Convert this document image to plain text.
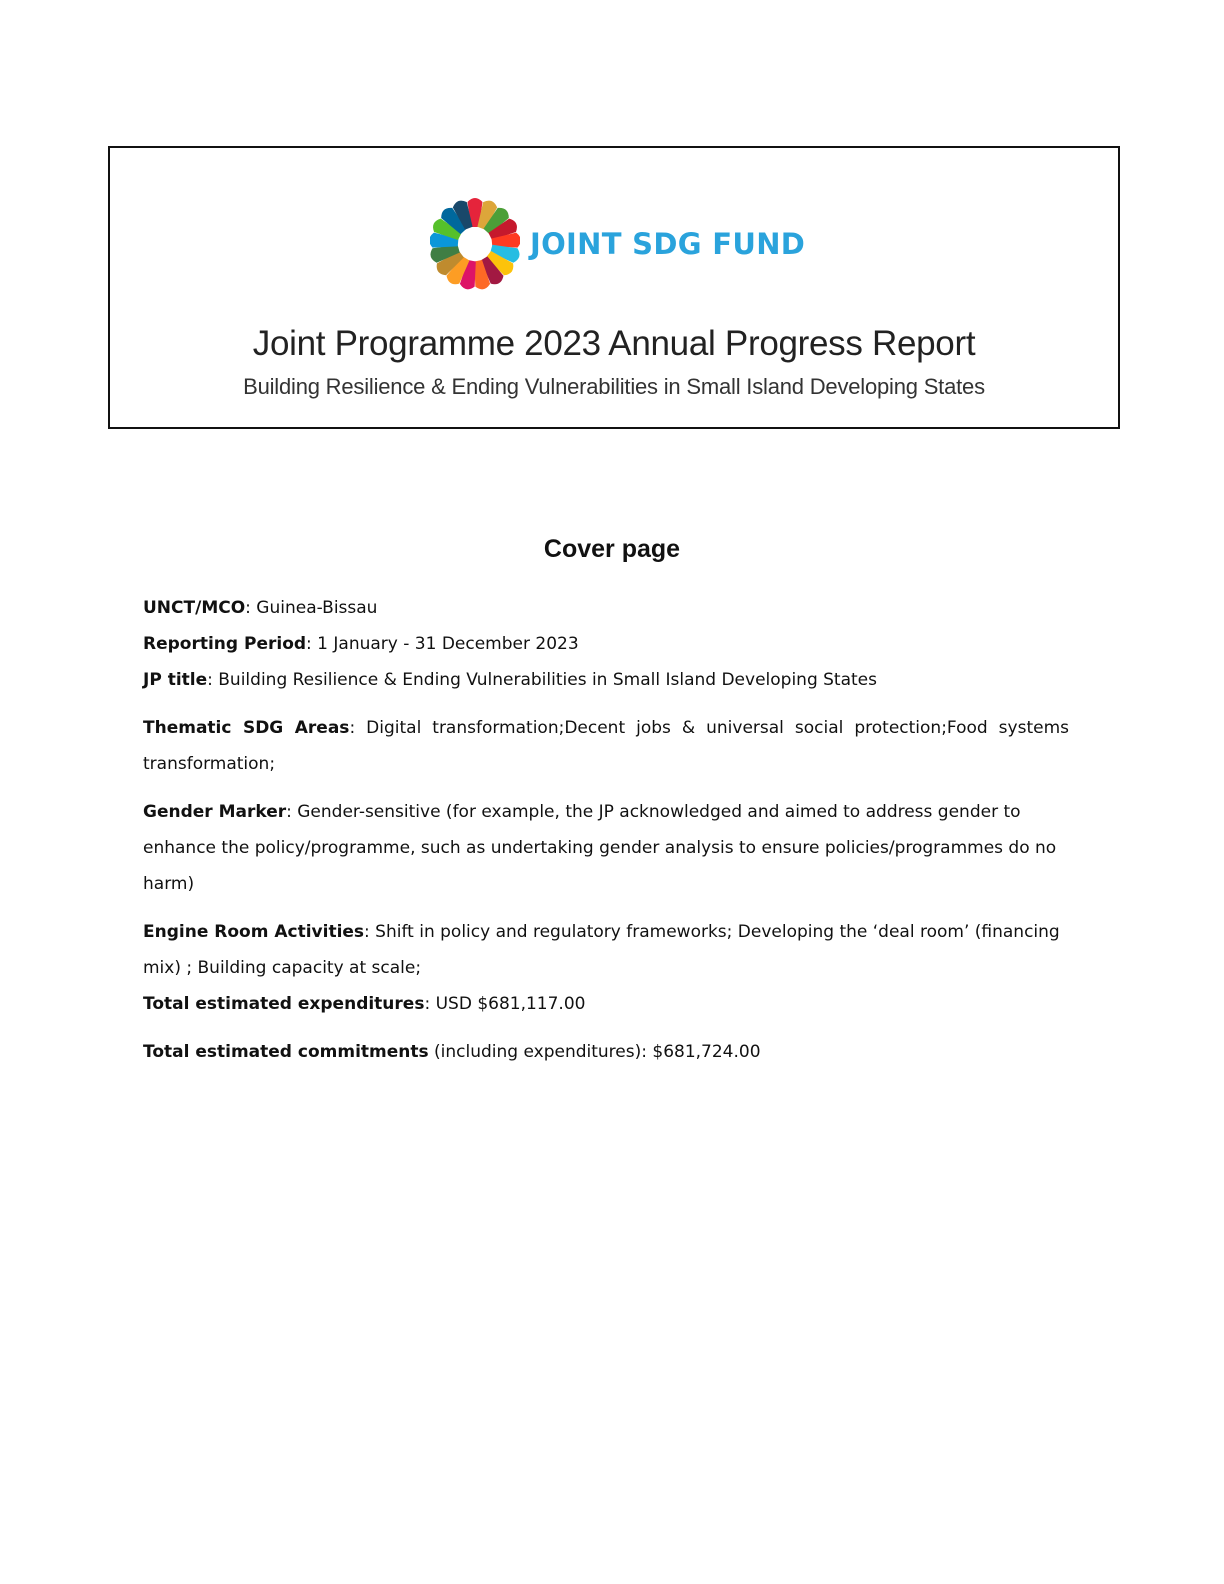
JOINT SDG FUND
Joint Programme 2023 Annual Progress Report
Building Resilience & Ending Vulnerabilities in Small Island Developing States
Cover page

UNCT/MCO: Guinea-Bissau

Reporting Period: 1 January - 31 December 2023

JP title: Building Resilience & Ending Vulnerabilities in Small Island Developing States

Thematic SDG Areas: Digital transformation;Decent jobs & universal social protection;Food systems transformation;

Gender Marker: Gender-sensitive (for example, the JP acknowledged and aimed to address gender to enhance the policy/programme, such as undertaking gender analysis to ensure policies/programmes do no harm)

Engine Room Activities: Shift in policy and regulatory frameworks; Developing the ‘deal room’ (financing mix) ; Building capacity at scale;

Total estimated expenditures: USD $681,117.00

Total estimated commitments (including expenditures): $681,724.00
